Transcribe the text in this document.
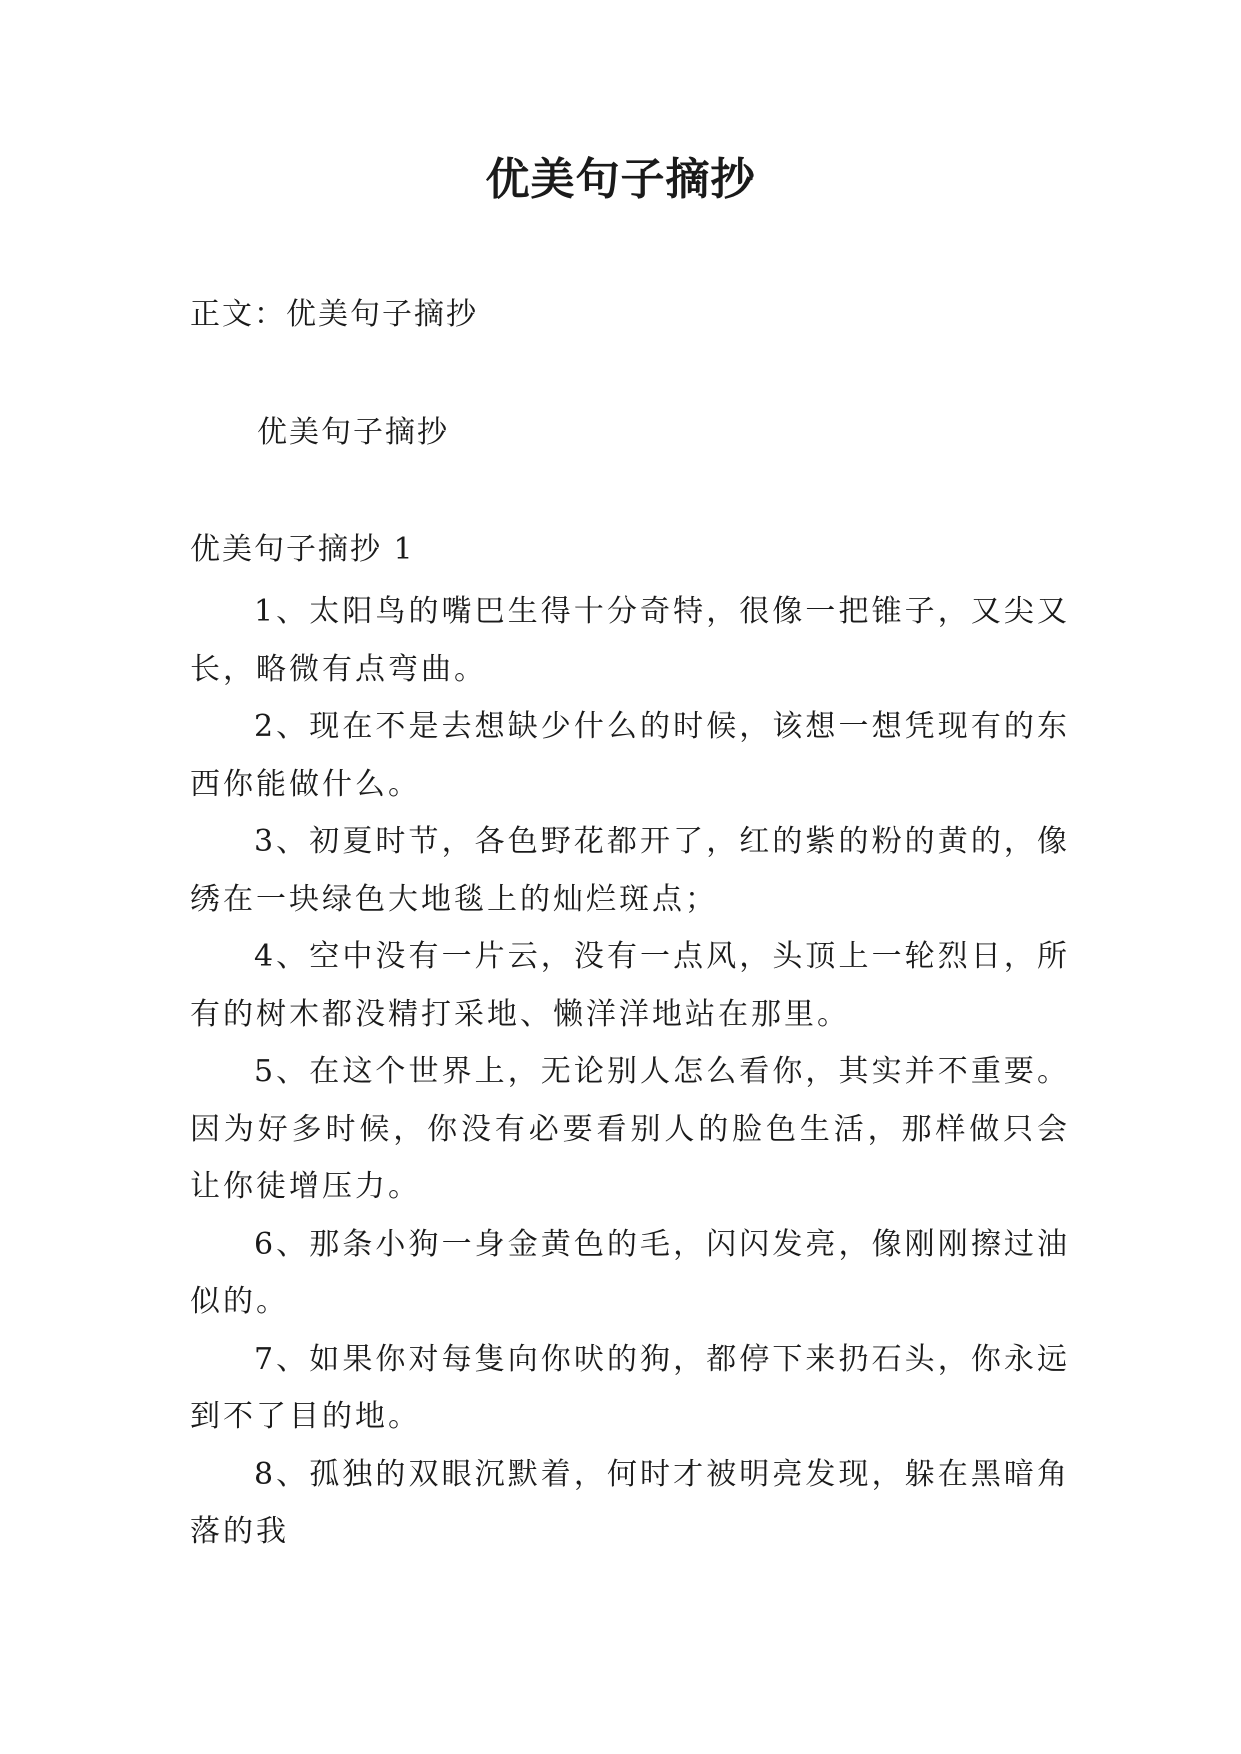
优美句子摘抄
正文：优美句子摘抄
优美句子摘抄
优美句子摘抄 1

1、太阳鸟的嘴巴生得十分奇特，很像一把锥子，又尖又长，略微有点弯曲。

2、现在不是去想缺少什么的时候，该想一想凭现有的东西你能做什么。

3、初夏时节，各色野花都开了，红的紫的粉的黄的，像绣在一块绿色大地毯上的灿烂斑点；

4、空中没有一片云，没有一点风，头顶上一轮烈日，所有的树木都没精打采地、懒洋洋地站在那里。

5、在这个世界上，无论别人怎么看你，其实并不重要。因为好多时候，你没有必要看别人的脸色生活，那样做只会让你徒增压力。

6、那条小狗一身金黄色的毛，闪闪发亮，像刚刚擦过油似的。

7、如果你对每隻向你吠的狗，都停下来扔石头，你永远到不了目的地。

8、孤独的双眼沉默着，何时才被明亮发现，躲在黑暗角落的我
